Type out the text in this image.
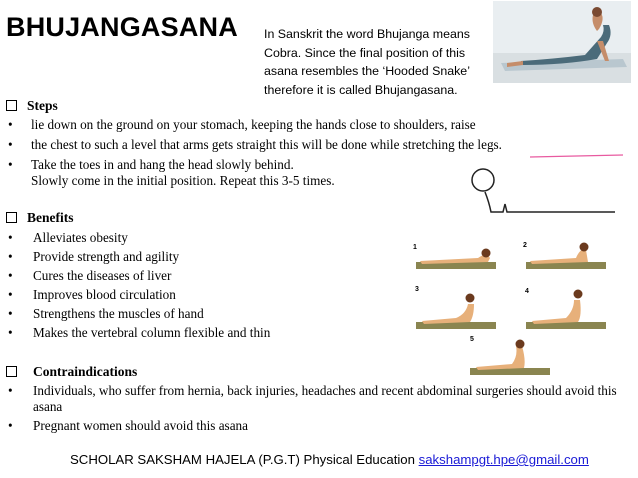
BHUJANGASANA In Sanskrit the word Bhujanga means
Cobra. Since the final position of this
asana resembles the ‘Hooded Snake’
therefore it is called Bhujangasana.
Steps
• lie down on the ground on your stomach, keeping the hands close to shoulders, raise
• the chest to such a level that arms gets straight this will be done while stretching the legs.
• Take the toes in and hang the head slowly behind.
Slowly come in the initial position. Repeat this 3-5 times.
Benefits
• Alleviates obesity
• Provide strength and agility
• Cures the diseases of liver
• Improves blood circulation
• Strengthens the muscles of hand
• Makes the vertebral column flexible and thin
1	2
3	4
5
Contraindications
• Individuals, who suffer from hernia, back injuries, headaches and recent abdominal surgeries should avoid this asana
• Pregnant women should avoid this asana
SCHOLAR SAKSHAM HAJELA (P.G.T) Physical Education sakshampgt.hpe@gmail.com
